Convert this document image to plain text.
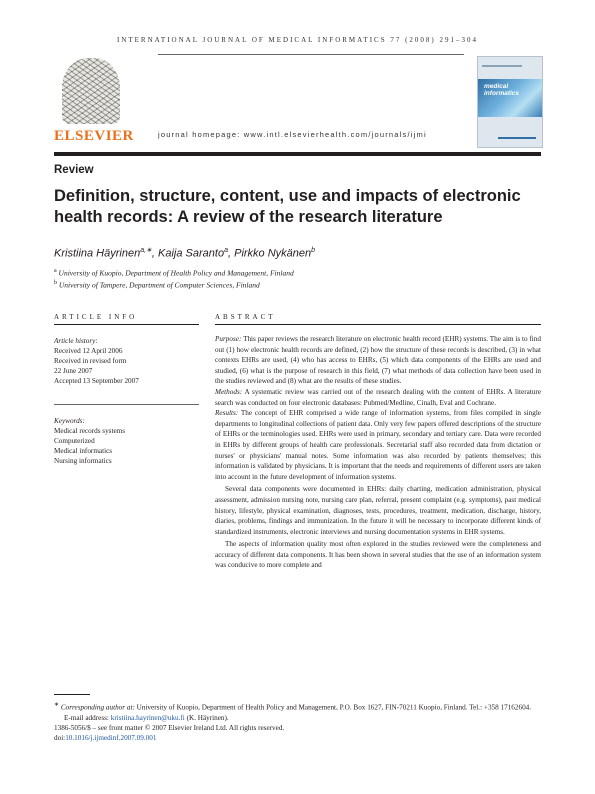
INTERNATIONAL JOURNAL OF MEDICAL INFORMATICS 77 (2008) 291–304
ELSEVIER	journal homepage: www.intl.elsevierhealth.com/journals/ijmi
medical informatics
Review
Definition, structure, content, use and impacts of electronic health records: A review of the research literature
Kristiina Häyrinen$^{a,∗}$, Kaija Saranto$^a$, Pirkko Nykänen$^b$
$^a$ University of Kuopio, Department of Health Policy and Management, Finland
$^b$ University of Tampere, Department of Computer Sciences, Finland
ARTICLE INFO	ABSTRACT
Article history:
Received 12 April 2006
Received in revised form
22 June 2007
Accepted 13 September 2007
Keywords:
Medical records systems
Computerized
Medical informatics
Nursing informatics

Purpose: This paper reviews the research literature on electronic health record (EHR) systems. The aim is to find out (1) how electronic health records are defined, (2) how the structure of these records is described, (3) in what contexts EHRs are used, (4) who has access to EHRs, (5) which data components of the EHRs are used and studied, (6) what is the purpose of research in this field, (7) what methods of data collection have been used in the studies reviewed and (8) what are the results of these studies.

Methods: A systematic review was carried out of the research dealing with the content of EHRs. A literature search was conducted on four electronic databases: Pubmed/Medline, Cinalh, Eval and Cochrane.

Results: The concept of EHR comprised a wide range of information systems, from files compiled in single departments to longitudinal collections of patient data. Only very few papers offered descriptions of the structure of EHRs or the terminologies used. EHRs were used in primary, secondary and tertiary care. Data were recorded in EHRs by different groups of health care professionals. Secretarial staff also recorded data from dictation or nurses' or physicians' manual notes. Some information was also recorded by patients themselves; this information is validated by physicians. It is important that the needs and requirements of different users are taken into account in the future development of information systems.

Several data components were documented in EHRs: daily charting, medication administration, physical assessment, admission nursing note, nursing care plan, referral, present complaint (e.g. symptoms), past medical history, lifestyle, physical examination, diagnoses, tests, procedures, treatment, medication, discharge, history, diaries, problems, findings and immunization. In the future it will be necessary to incorporate different kinds of standardized instruments, electronic interviews and nursing documentation systems in EHR systems.

The aspects of information quality most often explored in the studies reviewed were the completeness and accuracy of different data components. It has been shown in several studies that the use of an information system was conducive to more complete and

∗ Corresponding author at: University of Kuopio, Department of Health Policy and Management, P.O. Box 1627, FIN-70211 Kuopio, Finland. Tel.: +358 17162604.

E-mail address: kristiina.hayrinen@uku.fi (K. Häyrinen).

1386-5056/$ – see front matter © 2007 Elsevier Ireland Ltd. All rights reserved.

doi:10.1016/j.ijmedinf.2007.09.001
